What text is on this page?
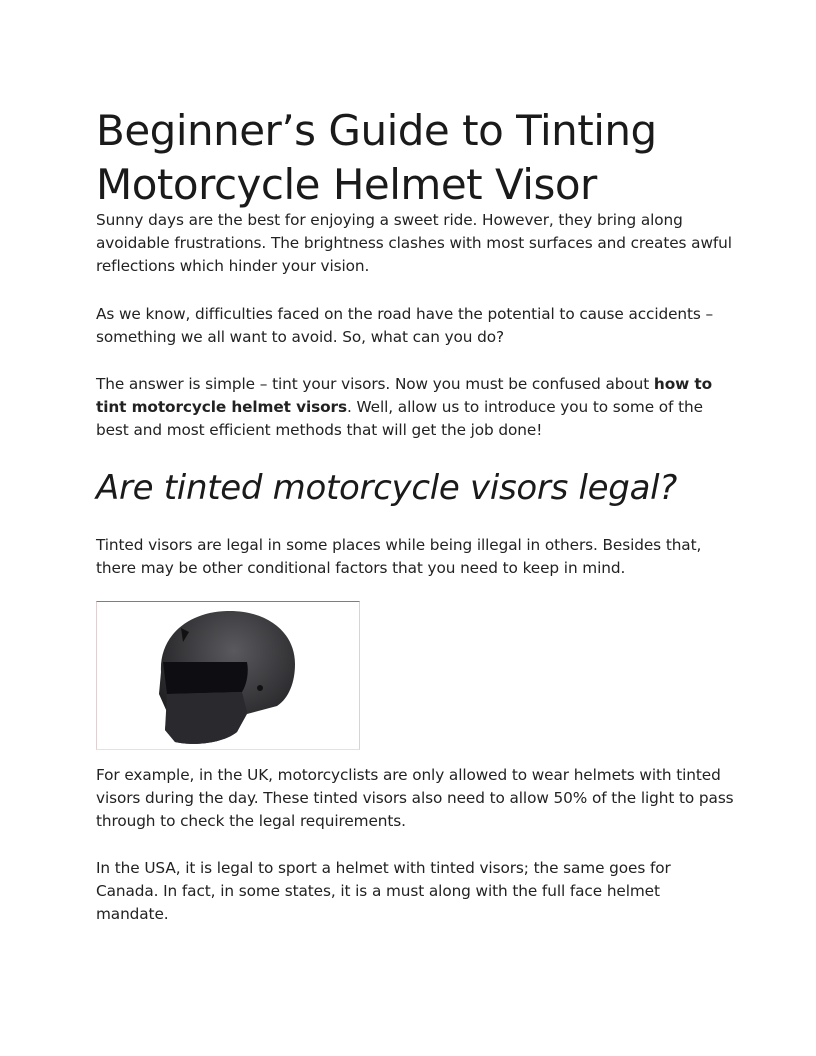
Beginner’s Guide to Tinting Motorcycle Helmet Visor

Sunny days are the best for enjoying a sweet ride. However, they bring along avoidable frustrations. The brightness clashes with most surfaces and creates awful reflections which hinder your vision.

As we know, difficulties faced on the road have the potential to cause accidents – something we all want to avoid. So, what can you do?

The answer is simple – tint your visors. Now you must be confused about how to tint motorcycle helmet visors. Well, allow us to introduce you to some of the best and most efficient methods that will get the job done!

Are tinted motorcycle visors legal?

Tinted visors are legal in some places while being illegal in others. Besides that, there may be other conditional factors that you need to keep in mind.

For example, in the UK, motorcyclists are only allowed to wear helmets with tinted visors during the day. These tinted visors also need to allow 50% of the light to pass through to check the legal requirements.

In the USA, it is legal to sport a helmet with tinted visors; the same goes for Canada. In fact, in some states, it is a must along with the full face helmet mandate.
